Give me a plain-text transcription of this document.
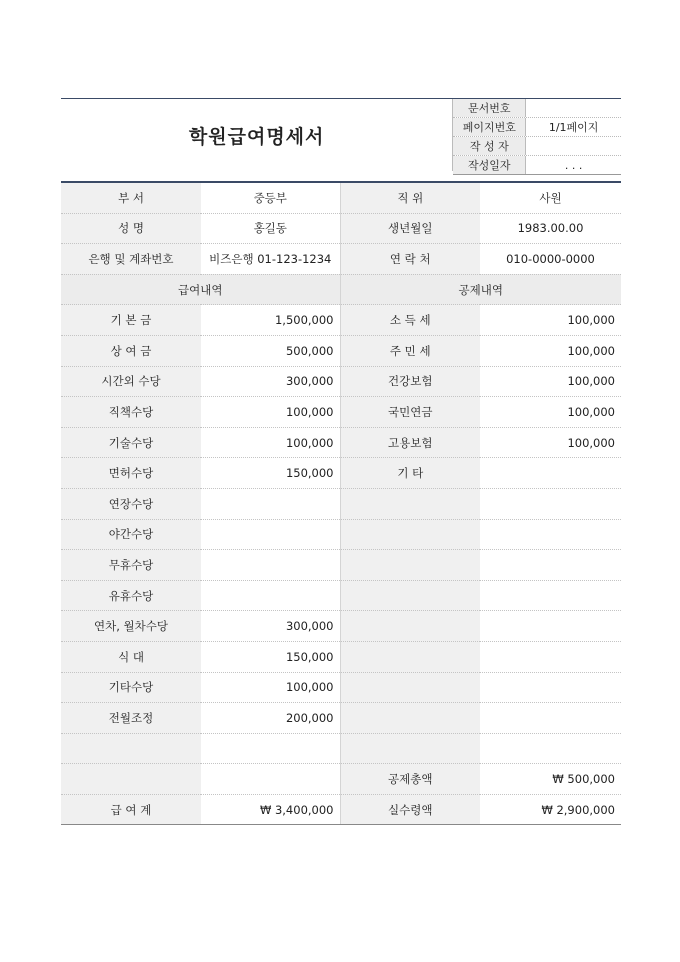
학원급여명세서
문서번호
페이지번호	1/1페이지
작 성 자
작성일자	. . .
부 서	중등부	직 위	사원
성 명	홍길동	생년월일	1983.00.00
은행 및 계좌번호	비즈은행 01-123-1234	연 락 처	010-0000-0000
급여내역		공제내역	
기 본 금	1,500,000	소 득 세	100,000
상 여 금	500,000	주 민 세	100,000
시간외 수당	300,000	건강보험	100,000
직책수당	100,000	국민연금	100,000
기술수당	100,000	고용보험	100,000
면허수당	150,000	기 타	
연장수당			
야간수당			
무휴수당			
유휴수당			
연차, 월차수당	300,000		
식 대	150,000		
기타수당	100,000		
전월조정	200,000		

		공제총액	₩ 500,000
급 여 계	₩ 3,400,000	실수령액	₩ 2,900,000
